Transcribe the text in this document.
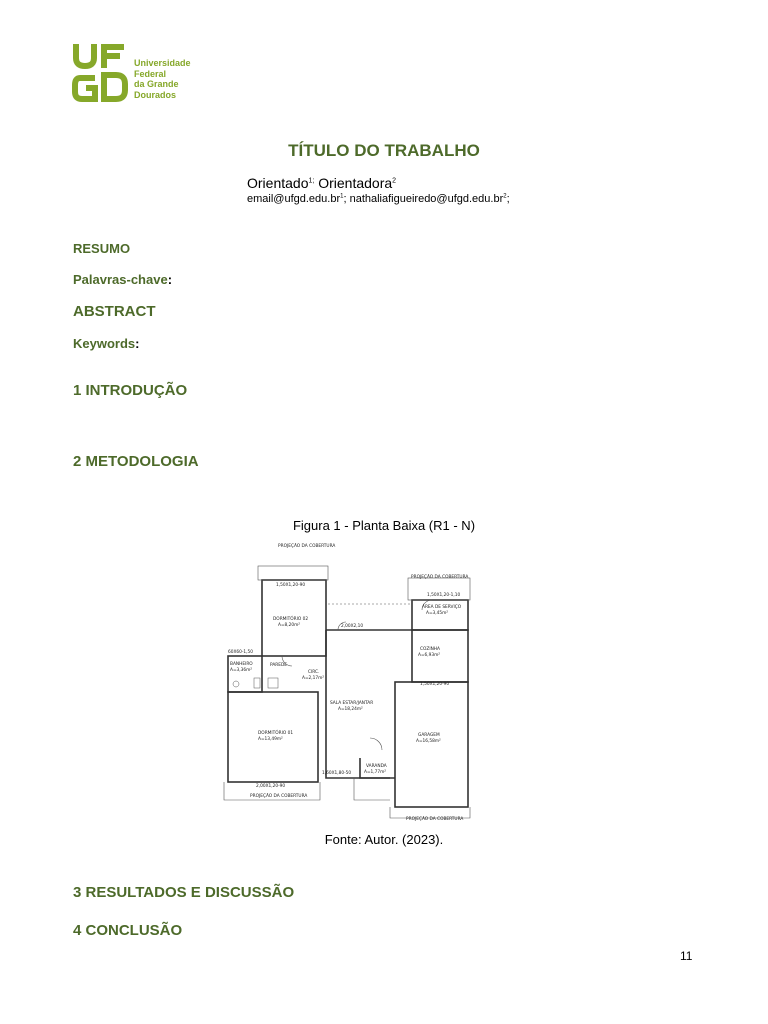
Universidade
Federal
da Grande
Dourados
TÍTULO DO TRABALHO
Orientado$^{1;}$ Orientadora$^2$
$email@ufgd.edu.br^1$; $nathaliafigueiredo@ufgd.edu.br^2$;
RESUMO
Palavras-chave:
ABSTRACT
Keywords:
1 INTRODUÇÃO
2 METODOLOGIA
Figura 1 - Planta Baixa (R1 - N)
PROJEÇÃO DA COBERTURA
PROJEÇÃO DA COBERTURA
1,50X1,20-90
1,50X1,20-1,10
ÁREA DE SERVIÇO
A=3,45m²
DORMITÓRIO 02
A=8,20m²	2,00X2,10
COZINHA
A=6,93m²
60X60-1,50
BANHEIRO
A=3,36m²
PAREDE
CIRC.
A=2,17m²
1,50X1,20-90
SALA ESTAR/JANTAR
A=18,24m²
DORMITÓRIO 01
A=13,49m²
GARAGEM
A=16,58m²
VARANDA
A=1,77m²
1,60X1,80-50
2,00X1,20-90
PROJEÇÃO DA COBERTURA
PROJEÇÃO DA COBERTURA
Fonte: Autor. (2023).
3 RESULTADOS E DISCUSSÃO
4 CONCLUSÃO
11
